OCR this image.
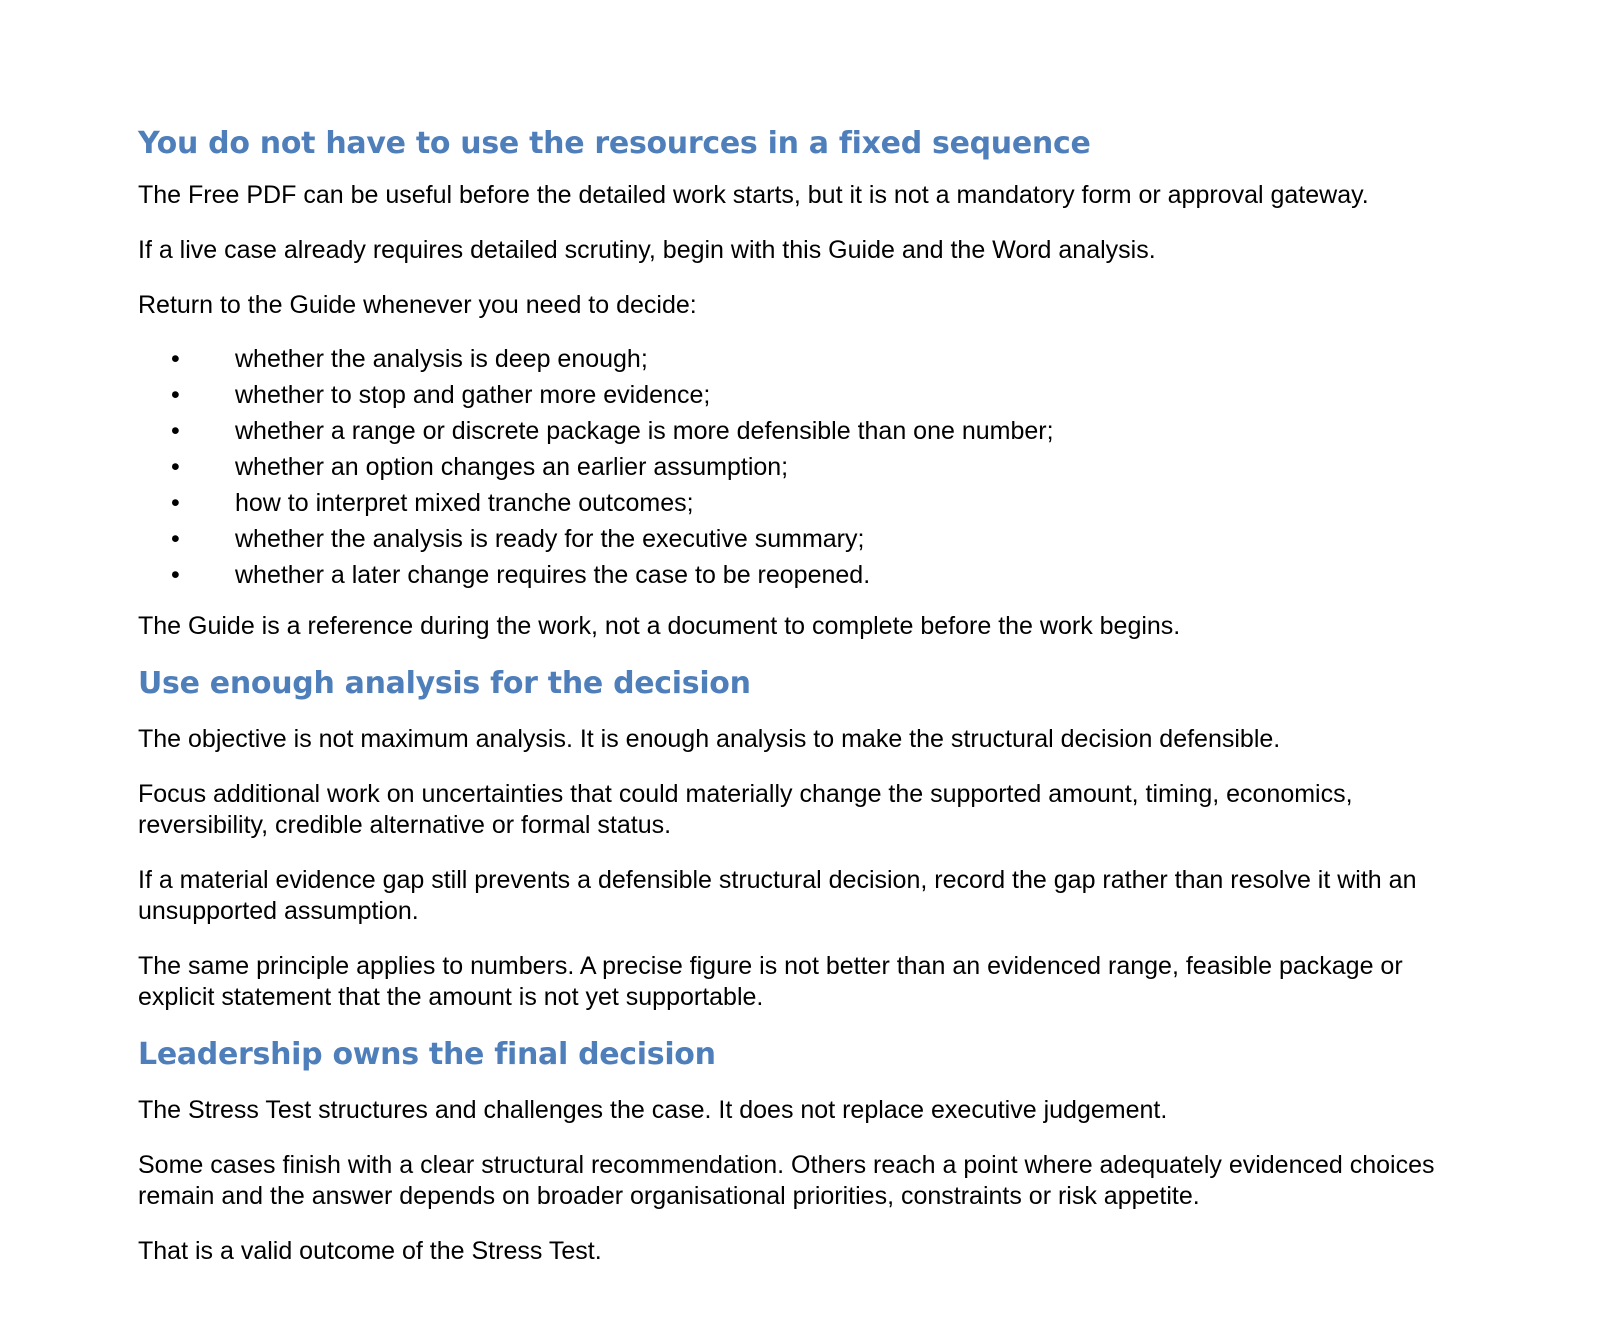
You do not have to use the resources in a fixed sequence

The Free PDF can be useful before the detailed work starts, but it is not a mandatory form or approval gateway.

If a live case already requires detailed scrutiny, begin with this Guide and the Word analysis.

Return to the Guide whenever you need to decide:

• whether the analysis is deep enough;
• whether to stop and gather more evidence;
• whether a range or discrete package is more defensible than one number;
• whether an option changes an earlier assumption;
• how to interpret mixed tranche outcomes;
• whether the analysis is ready for the executive summary;
• whether a later change requires the case to be reopened.

The Guide is a reference during the work, not a document to complete before the work begins.

Use enough analysis for the decision

The objective is not maximum analysis. It is enough analysis to make the structural decision defensible.

Focus additional work on uncertainties that could materially change the supported amount, timing, economics, reversibility, credible alternative or formal status.

If a material evidence gap still prevents a defensible structural decision, record the gap rather than resolve it with an unsupported assumption.

The same principle applies to numbers. A precise figure is not better than an evidenced range, feasible package or explicit statement that the amount is not yet supportable.

Leadership owns the final decision

The Stress Test structures and challenges the case. It does not replace executive judgement.

Some cases finish with a clear structural recommendation. Others reach a point where adequately evidenced choices remain and the answer depends on broader organisational priorities, constraints or risk appetite.

That is a valid outcome of the Stress Test.
